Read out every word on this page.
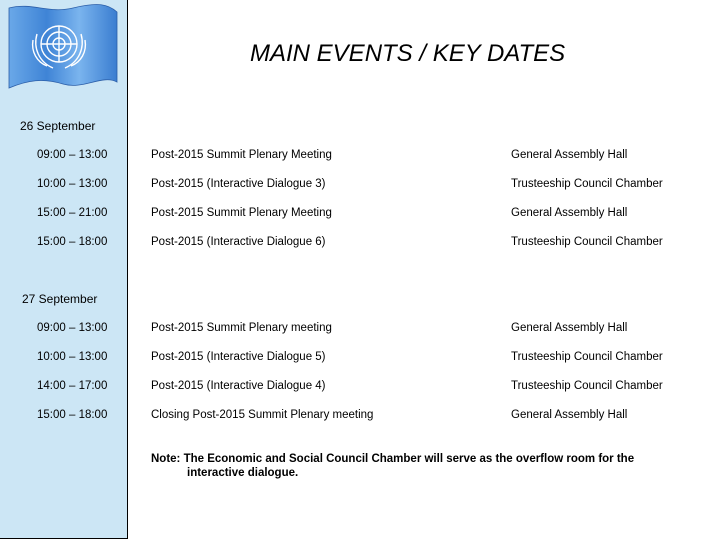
MAIN EVENTS / KEY DATES
26 September
09:00 – 13:00	Post-2015 Summit Plenary Meeting	General Assembly Hall
10:00 – 13:00	Post-2015 (Interactive Dialogue 3)	Trusteeship Council Chamber
15:00 – 21:00	Post-2015 Summit Plenary Meeting	General Assembly Hall
15:00 – 18:00	Post-2015 (Interactive Dialogue 6)	Trusteeship Council Chamber
27 September
09:00 – 13:00	Post-2015 Summit Plenary meeting	General Assembly Hall
10:00 – 13:00	Post-2015 (Interactive Dialogue 5)	Trusteeship Council Chamber
14:00 – 17:00	Post-2015 (Interactive Dialogue 4)	Trusteeship Council Chamber
15:00 – 18:00	Closing Post-2015 Summit Plenary meeting	General Assembly Hall
Note: The Economic and Social Council Chamber will serve as the overflow room for the
interactive dialogue.
